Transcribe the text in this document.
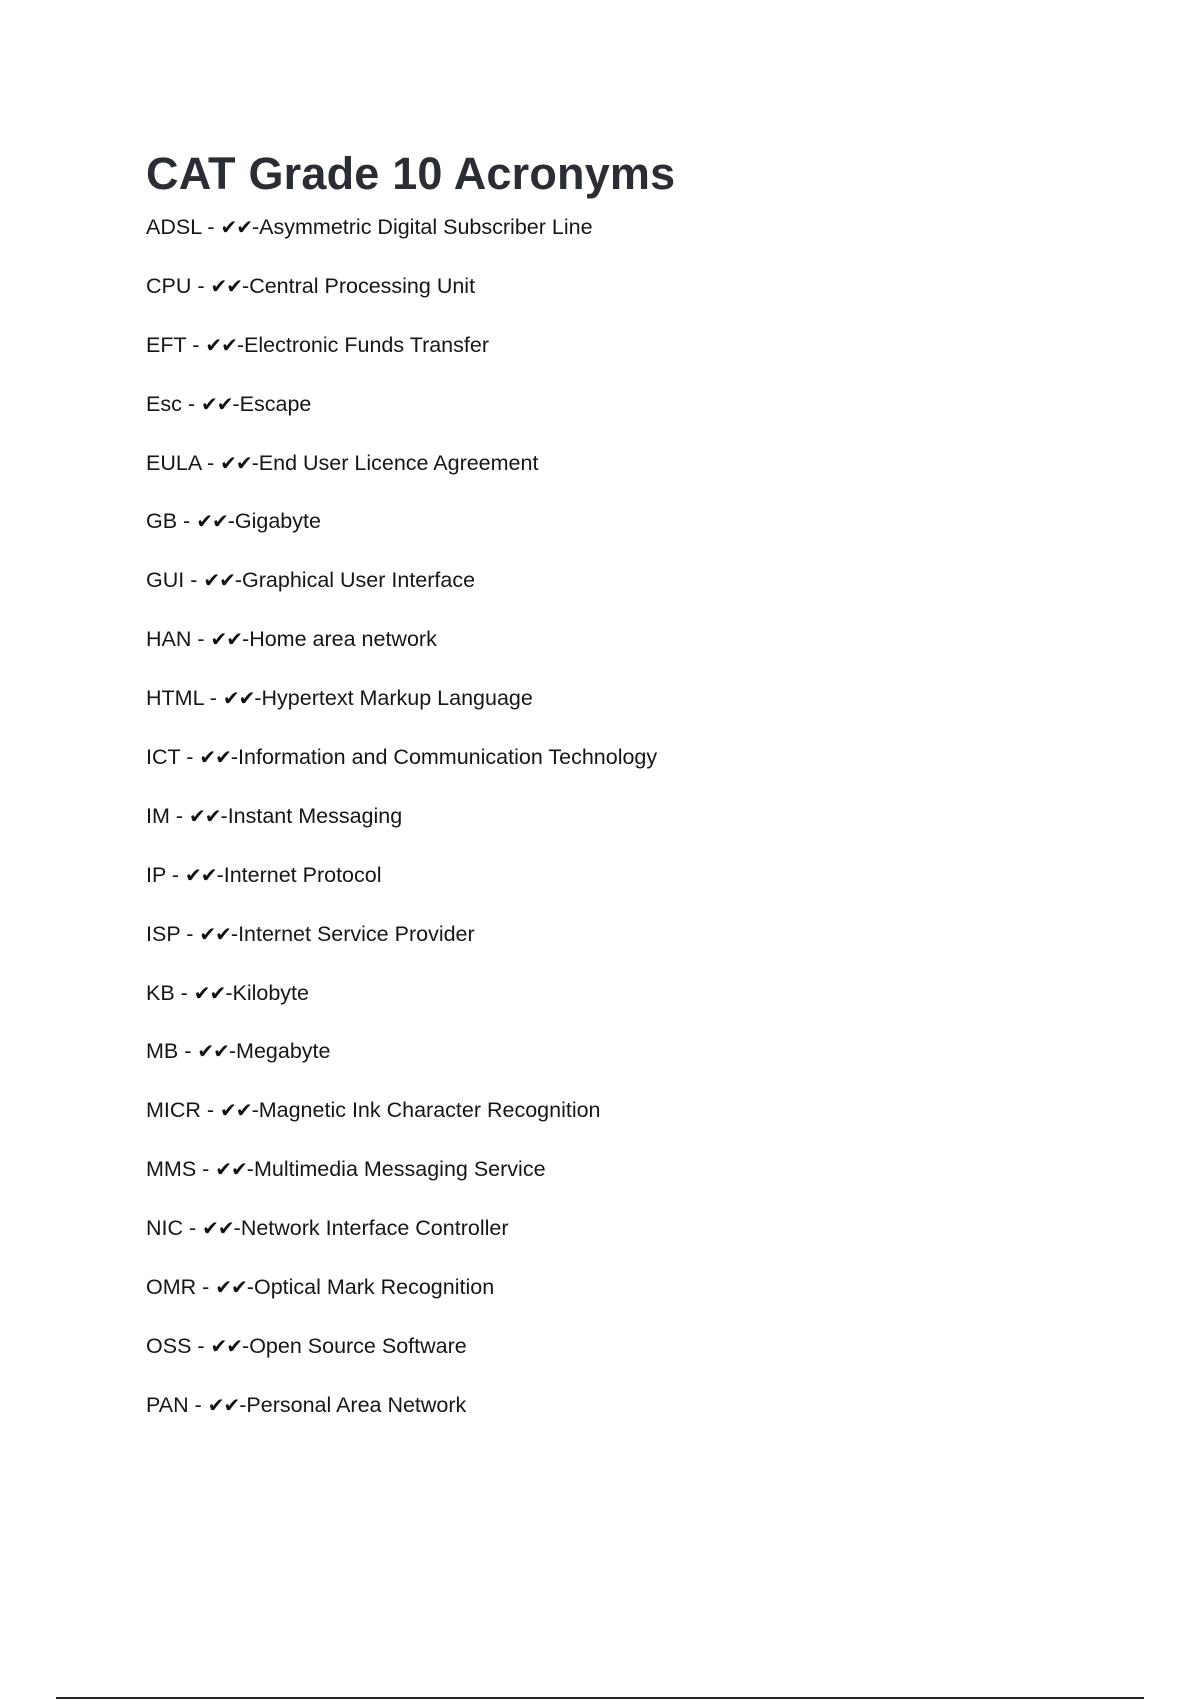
CAT Grade 10 Acronyms
ADSL - ✔✔-Asymmetric Digital Subscriber Line
CPU - ✔✔-Central Processing Unit
EFT - ✔✔-Electronic Funds Transfer
Esc - ✔✔-Escape
EULA - ✔✔-End User Licence Agreement
GB - ✔✔-Gigabyte
GUI - ✔✔-Graphical User Interface
HAN - ✔✔-Home area network
HTML - ✔✔-Hypertext Markup Language
ICT - ✔✔-Information and Communication Technology
IM - ✔✔-Instant Messaging
IP - ✔✔-Internet Protocol
ISP - ✔✔-Internet Service Provider
KB - ✔✔-Kilobyte
MB - ✔✔-Megabyte
MICR - ✔✔-Magnetic Ink Character Recognition
MMS - ✔✔-Multimedia Messaging Service
NIC - ✔✔-Network Interface Controller
OMR - ✔✔-Optical Mark Recognition
OSS - ✔✔-Open Source Software
PAN - ✔✔-Personal Area Network
